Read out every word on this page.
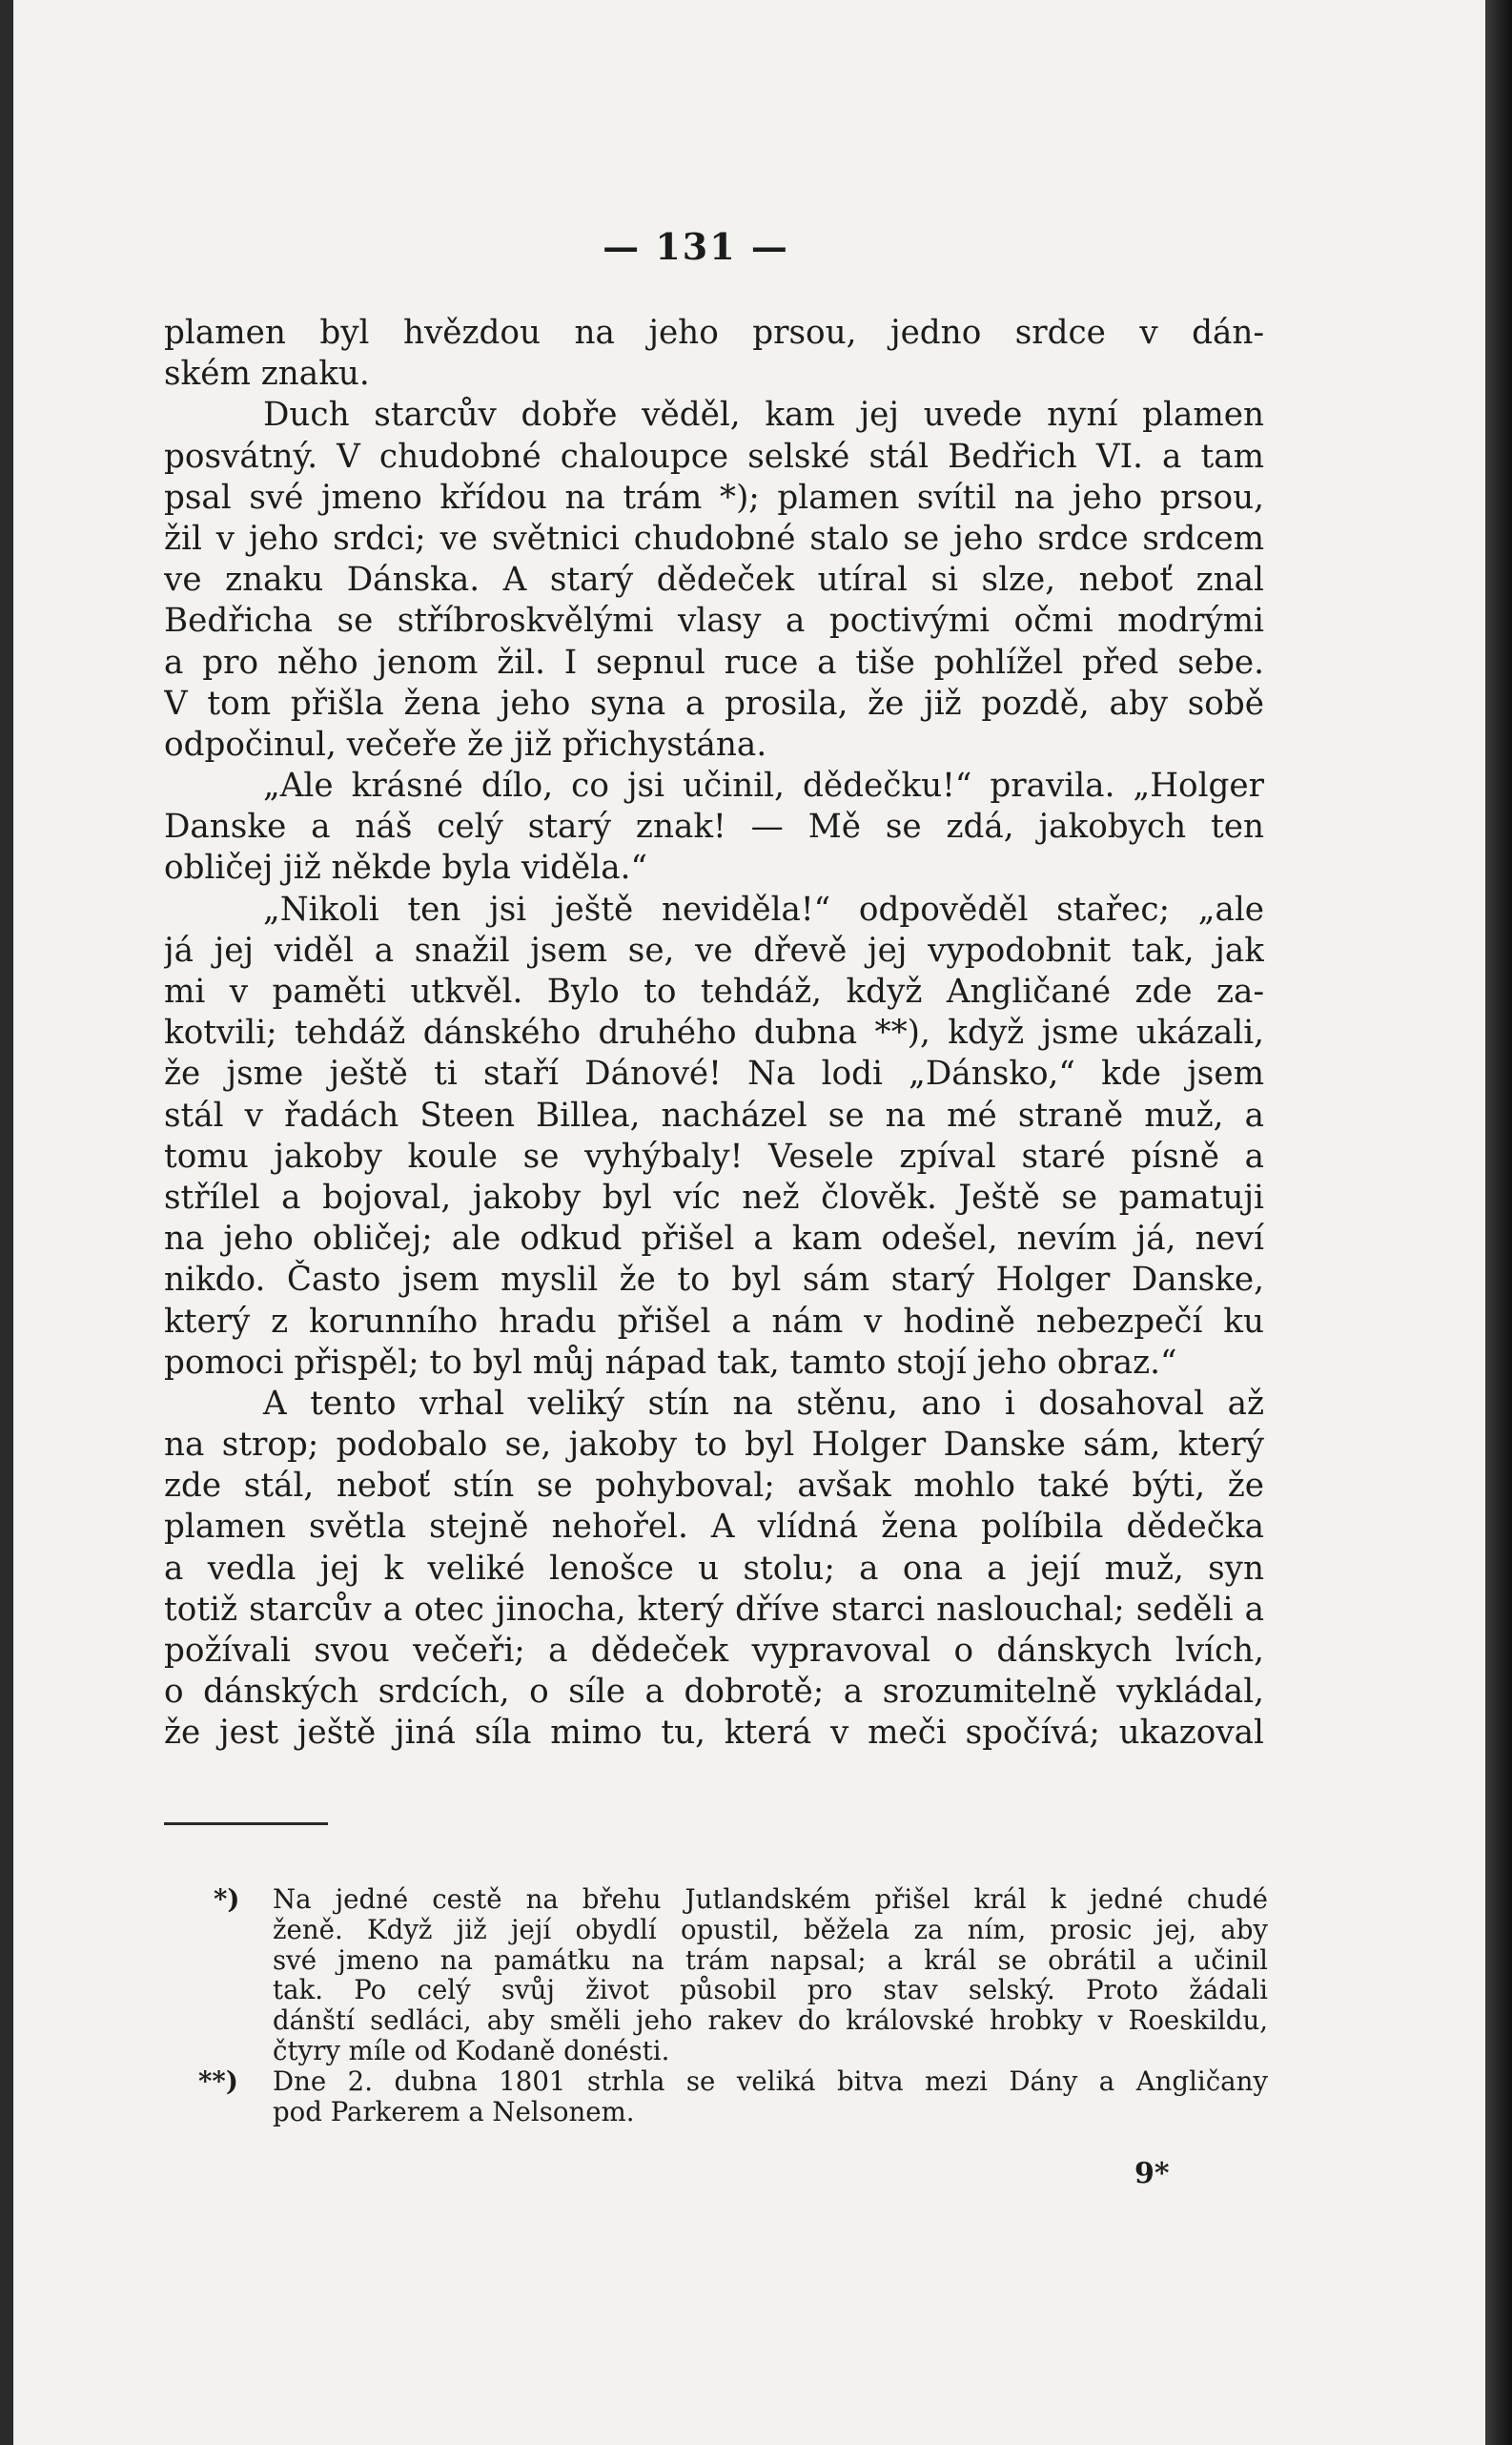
— 131 —
plamen byl hvězdou na jeho prsou, jedno srdce v dán-
ském znaku.
Duch starcův dobře věděl, kam jej uvede nyní plamen
posvátný. V chudobné chaloupce selské stál Bedřich VI. a tam
psal své jmeno křídou na trám *); plamen svítil na jeho prsou,
žil v jeho srdci; ve světnici chudobné stalo se jeho srdce srdcem
ve znaku Dánska. A starý dědeček utíral si slze, neboť znal
Bedřicha se stříbroskvělými vlasy a poctivými očmi modrými
a pro něho jenom žil. I sepnul ruce a tiše pohlížel před sebe.
V tom přišla žena jeho syna a prosila, že již pozdě, aby sobě
odpočinul, večeře že již přichystána.
„Ale krásné dílo, co jsi učinil, dědečku!“ pravila. „Holger
Danske a náš celý starý znak! — Mě se zdá, jakobych ten
obličej již někde byla viděla.“
„Nikoli ten jsi ještě neviděla!“ odpověděl stařec; „ale
já jej viděl a snažil jsem se, ve dřevě jej vypodobnit tak, jak
mi v paměti utkvěl. Bylo to tehdáž, když Angličané zde za-
kotvili; tehdáž dánského druhého dubna **), když jsme ukázali,
že jsme ještě ti staří Dánové! Na lodi „Dánsko,“ kde jsem
stál v řadách Steen Billea, nacházel se na mé straně muž, a
tomu jakoby koule se vyhýbaly! Vesele zpíval staré písně a
střílel a bojoval, jakoby byl víc než člověk. Ještě se pamatuji
na jeho obličej; ale odkud přišel a kam odešel, nevím já, neví
nikdo. Často jsem myslil že to byl sám starý Holger Danske,
který z korunního hradu přišel a nám v hodině nebezpečí ku
pomoci přispěl; to byl můj nápad tak, tamto stojí jeho obraz.“
A tento vrhal veliký stín na stěnu, ano i dosahoval až
na strop; podobalo se, jakoby to byl Holger Danske sám, který
zde stál, neboť stín se pohyboval; avšak mohlo také býti, že
plamen světla stejně nehořel. A vlídná žena políbila dědečka
a vedla jej k veliké lenošce u stolu; a ona a její muž, syn
totiž starcův a otec jinocha, který dříve starci naslouchal; seděli a
požívali svou večeři; a dědeček vypravoval o dánskych lvích,
o dánských srdcích, o síle a dobrotě; a srozumitelně vykládal,
že jest ještě jiná síla mimo tu, která v meči spočívá; ukazoval
*) Na jedné cestě na břehu Jutlandském přišel král k jedné chudé
ženě. Když již její obydlí opustil, běžela za ním, prosic jej, aby
své jmeno na památku na trám napsal; a král se obrátil a učinil
tak. Po celý svůj život působil pro stav selský. Proto žádali
dánští sedláci, aby směli jeho rakev do královské hrobky v Roeskildu,
čtyry míle od Kodaně donésti.
**) Dne 2. dubna 1801 strhla se veliká bitva mezi Dány a Angličany
pod Parkerem a Nelsonem.
9*
